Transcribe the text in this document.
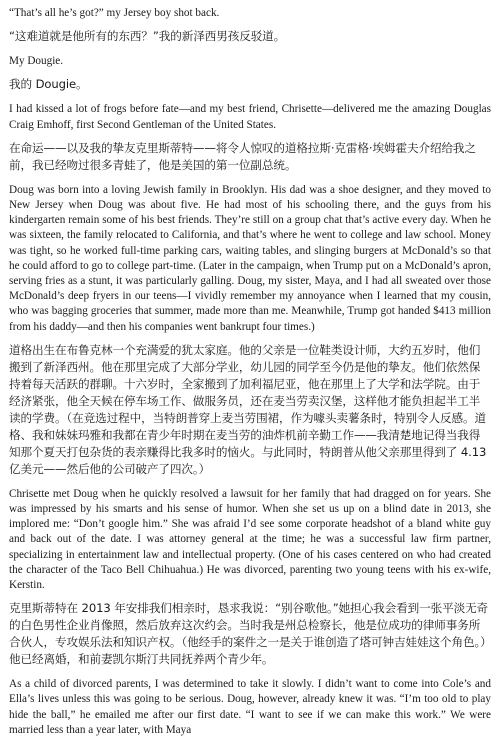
“That’s all he’s got?” my Jersey boy shot back.

“这难道就是他所有的东西？”我的新泽西男孩反驳道。

My Dougie.

我的 Dougie。

I had kissed a lot of frogs before fate—and my best friend, Chrisette—delivered me the amazing Douglas Craig Emhoff, first Second Gentleman of the United States.

在命运——以及我的挚友克里斯蒂特——将令人惊叹的道格拉斯·克雷格·埃姆霍夫介绍给我之前，我已经吻过很多青蛙了，他是美国的第一位副总统。

Doug was born into a loving Jewish family in Brooklyn. His dad was a shoe designer, and they moved to New Jersey when Doug was about five. He had most of his schooling there, and the guys from his kindergarten remain some of his best friends. They’re still on a group chat that’s active every day. When he was sixteen, the family relocated to California, and that’s where he went to college and law school. Money was tight, so he worked full-time parking cars, waiting tables, and slinging burgers at McDonald’s so that he could afford to go to college part-time. (Later in the campaign, when Trump put on a McDonald’s apron, serving fries as a stunt, it was particularly galling. Doug, my sister, Maya, and I had all sweated over those McDonald’s deep fryers in our teens—I vividly remember my annoyance when I learned that my cousin, who was bagging groceries that summer, made more than me. Meanwhile, Trump got handed $413 million from his daddy—and then his companies went bankrupt four times.)

道格出生在布鲁克林一个充满爱的犹太家庭。他的父亲是一位鞋类设计师，大约五岁时，他们搬到了新泽西州。他在那里完成了大部分学业，幼儿园的同学至今仍是他的挚友。他们依然保持着每天活跃的群聊。十六岁时，全家搬到了加利福尼亚，他在那里上了大学和法学院。由于经济紧张，他全天候在停车场工作、做服务员，还在麦当劳卖汉堡，这样他才能负担起半工半读的学费。（在竞选过程中，当特朗普穿上麦当劳围裙，作为噱头卖薯条时，特别令人反感。道格、我和妹妹玛雅和我都在青少年时期在麦当劳的油炸机前辛勤工作——我清楚地记得当我得知那个夏天打包杂货的表亲赚得比我多时的恼火。与此同时，特朗普从他父亲那里得到了 4.13 亿美元——然后他的公司破产了四次。）

Chrisette met Doug when he quickly resolved a lawsuit for her family that had dragged on for years. She was impressed by his smarts and his sense of humor. When she set us up on a blind date in 2013, she implored me: “Don’t google him.” She was afraid I’d see some corporate headshot of a bland white guy and back out of the date. I was attorney general at the time; he was a successful law firm partner, specializing in entertainment law and intellectual property. (One of his cases centered on who had created the character of the Taco Bell Chihuahua.) He was divorced, parenting two young teens with his ex-wife, Kerstin.

克里斯蒂特在 2013 年安排我们相亲时，恳求我说：“别谷歌他。”她担心我会看到一张平淡无奇的白色男性企业肖像照，然后放弃这次约会。当时我是州总检察长，他是位成功的律师事务所合伙人，专攻娱乐法和知识产权。（他经手的案件之一是关于谁创造了塔可钟吉娃娃这个角色。）他已经离婚，和前妻凯尔斯汀共同抚养两个青少年。

As a child of divorced parents, I was determined to take it slowly. I didn’t want to come into Cole’s and Ella’s lives unless this was going to be serious. Doug, however, already knew it was. “I’m too old to play hide the ball,” he emailed me after our first date. “I want to see if we can make this work.” We were married less than a year later, with Maya
